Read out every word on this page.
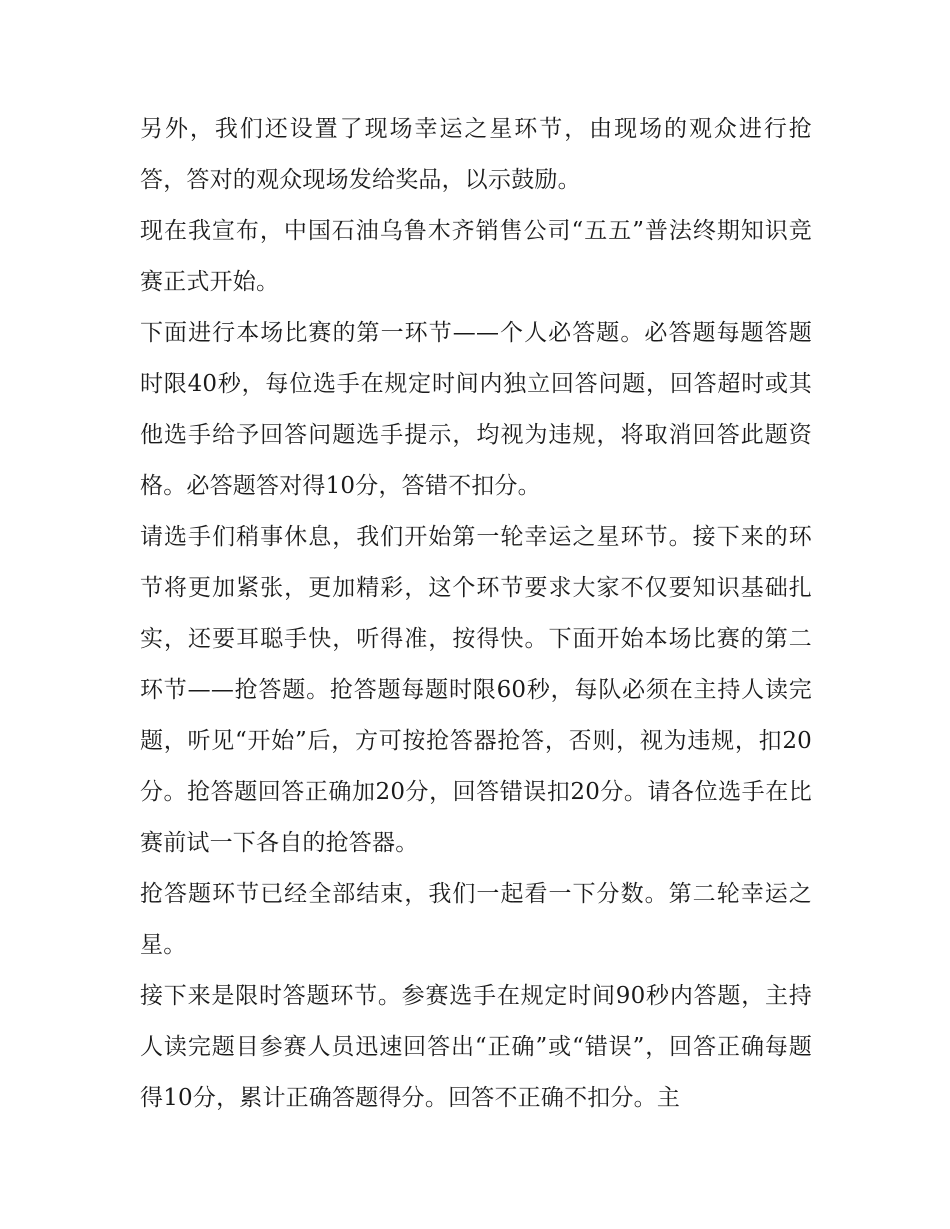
另外，我们还设置了现场幸运之星环节，由现场的观众进行抢答，答对的观众现场发给奖品，以示鼓励。

现在我宣布，中国石油乌鲁木齐销售公司“五五”普法终期知识竞赛正式开始。

下面进行本场比赛的第一环节——个人必答题。必答题每题答题时限40秒，每位选手在规定时间内独立回答问题，回答超时或其他选手给予回答问题选手提示，均视为违规，将取消回答此题资格。必答题答对得10分，答错不扣分。

请选手们稍事休息，我们开始第一轮幸运之星环节。接下来的环节将更加紧张，更加精彩，这个环节要求大家不仅要知识基础扎实，还要耳聪手快，听得准，按得快。下面开始本场比赛的第二环节——抢答题。抢答题每题时限60秒，每队必须在主持人读完题，听见“开始”后，方可按抢答器抢答，否则，视为违规，扣20分。抢答题回答正确加20分，回答错误扣20分。请各位选手在比赛前试一下各自的抢答器。

抢答题环节已经全部结束，我们一起看一下分数。第二轮幸运之星。

接下来是限时答题环节。参赛选手在规定时间90秒内答题，主持人读完题目参赛人员迅速回答出“正确”或“错误”，回答正确每题得10分，累计正确答题得分。回答不正确不扣分。主
